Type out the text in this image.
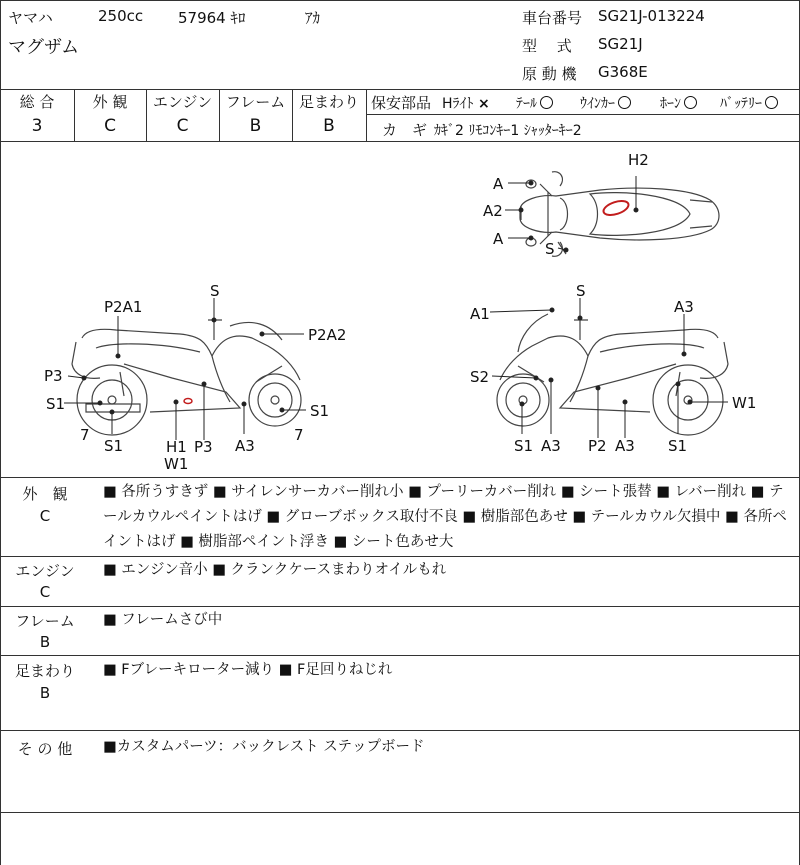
ヤマハ	250cc 57964 ｷﾛ	ｱｶ
マグザム
車台番号 SG21J-013224
型　 式 SG21J
原 動 機 G368E
総 合	外 観	エンジン フレーム 足まわり
3	C	C	B	B
保安部品 Hﾗｲﾄ × ﾃｰﾙ	ｳｲﾝｶｰ	ﾎｰﾝ	ﾊﾞｯﾃﾘｰ
カ　ギ ｶｷﾞ2 ﾘﾓｺﾝｷｰ1 ｼｬｯﾀｰｷｰ2
H2
A
A2
A
S
S
P2A1
P2A2
P3
S1
7
S1	H1
W1
P3 A3
S1
7
S
A1	A3
S2
W1
S1 A3 P2 A3 S1
外　観
C
■ 各所うすきず ■ サイレンサーカバー削れ小 ■ プーリーカバー削れ ■ シート張替 ■ レバー削れ ■ テールカウルペイントはげ ■ グローブボックス取付不良 ■ 樹脂部色あせ ■ テールカウル欠損中 ■ 各所ペイントはげ ■ 樹脂部ペイント浮き ■ シート色あせ大
エンジン
C
■ エンジン音小 ■ クランクケースまわりオイルもれ
フレーム
B
■ フレームさび中
足まわり
B
■ Fブレーキローター減り ■ F足回りねじれ
そ の 他	■カスタムパーツ：バックレスト ステップボード
